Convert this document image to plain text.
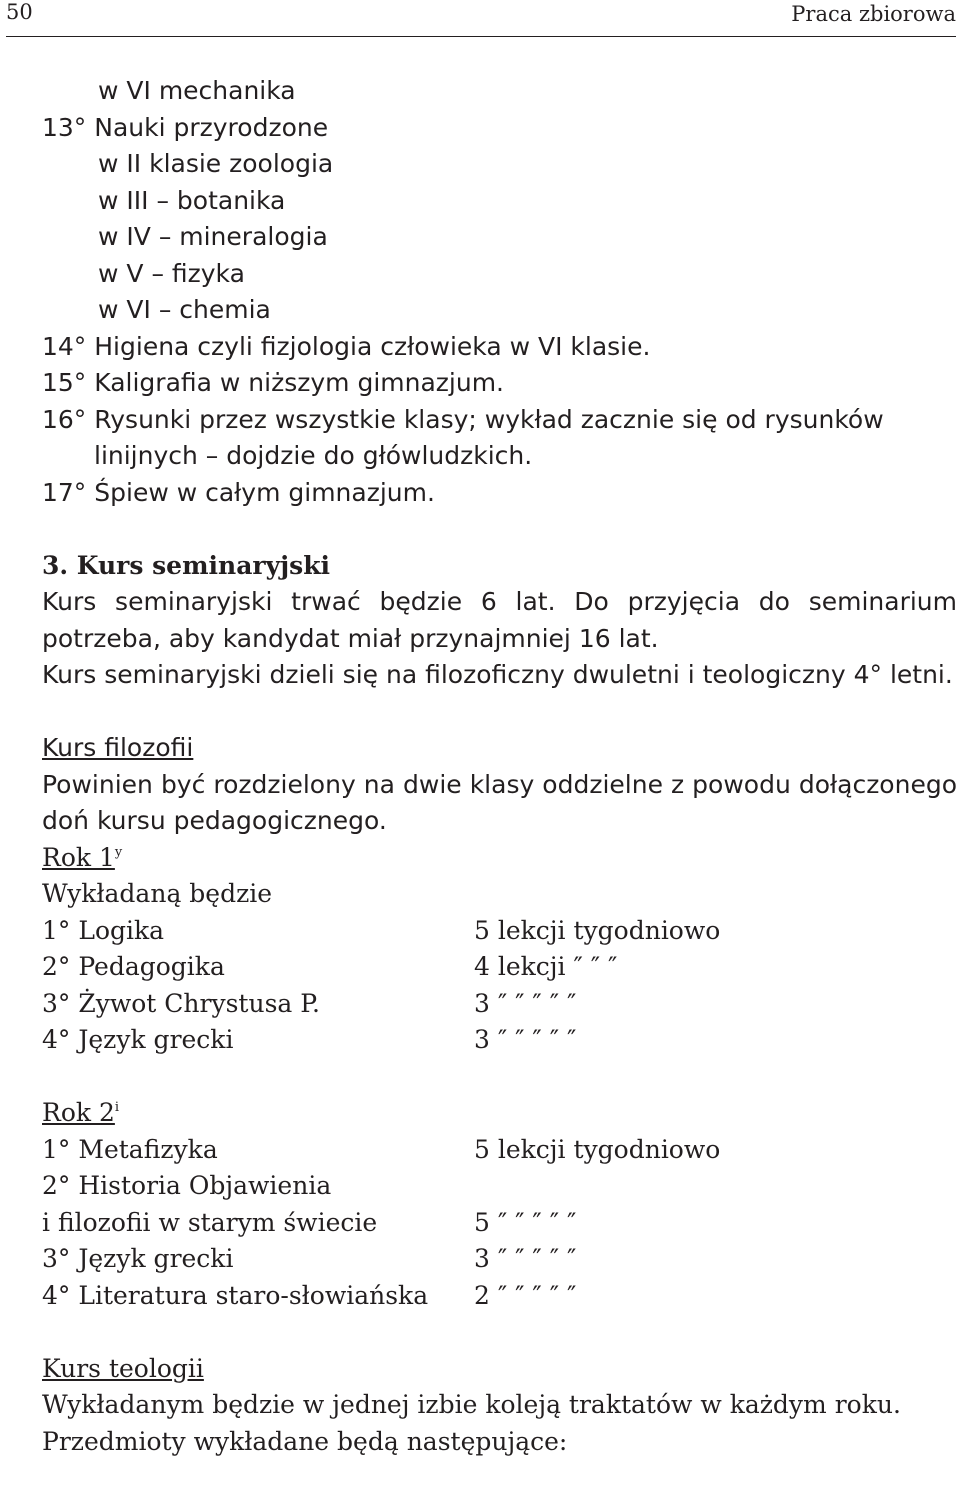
50	Praca zbiorowa
w VI mechanika
13° Nauki przyrodzone
w II klasie zoologia
w III – botanika
w IV – mineralogia
w V – fizyka
w VI – chemia
14° Higiena czyli fizjologia człowieka w VI klasie.
15° Kaligrafia w niższym gimnazjum.
16° Rysunki przez wszystkie klasy; wykład zacznie się od rysunków
linijnych – dojdzie do główludzkich.
17° Śpiew w całym gimnazjum.
3. Kurs seminaryjski
Kurs seminaryjski trwać będzie 6 lat. Do przyjęcia do seminarium potrzeba, aby kandydat miał przynajmniej 16 lat.
Kurs seminaryjski dzieli się na filozoficzny dwuletni i teologiczny 4° letni.
Kurs filozofii
Powinien być rozdzielony na dwie klasy oddzielne z powodu dołączonego doń kursu pedagogicznego.
Rok 1$^y$
Wykładaną będzie
1° Logika	5 lekcji tygodniowo
2° Pedagogika	4 lekcji ″ ″ ″
3° Żywot Chrystusa P.	3 ″ ″ ″ ″ ″
4° Język grecki	3 ″ ″ ″ ″ ″
Rok 2$^i$
1° Metafizyka	5 lekcji tygodniowo
2° Historia Objawienia
i filozofii w starym świecie	5 ″ ″ ″ ″ ″
3° Język grecki	3 ″ ″ ″ ″ ″
4° Literatura staro-słowiańska	2 ″ ″ ″ ″ ″
Kurs teologii
Wykładanym będzie w jednej izbie koleją traktatów w każdym roku.
Przedmioty wykładane będą następujące:
